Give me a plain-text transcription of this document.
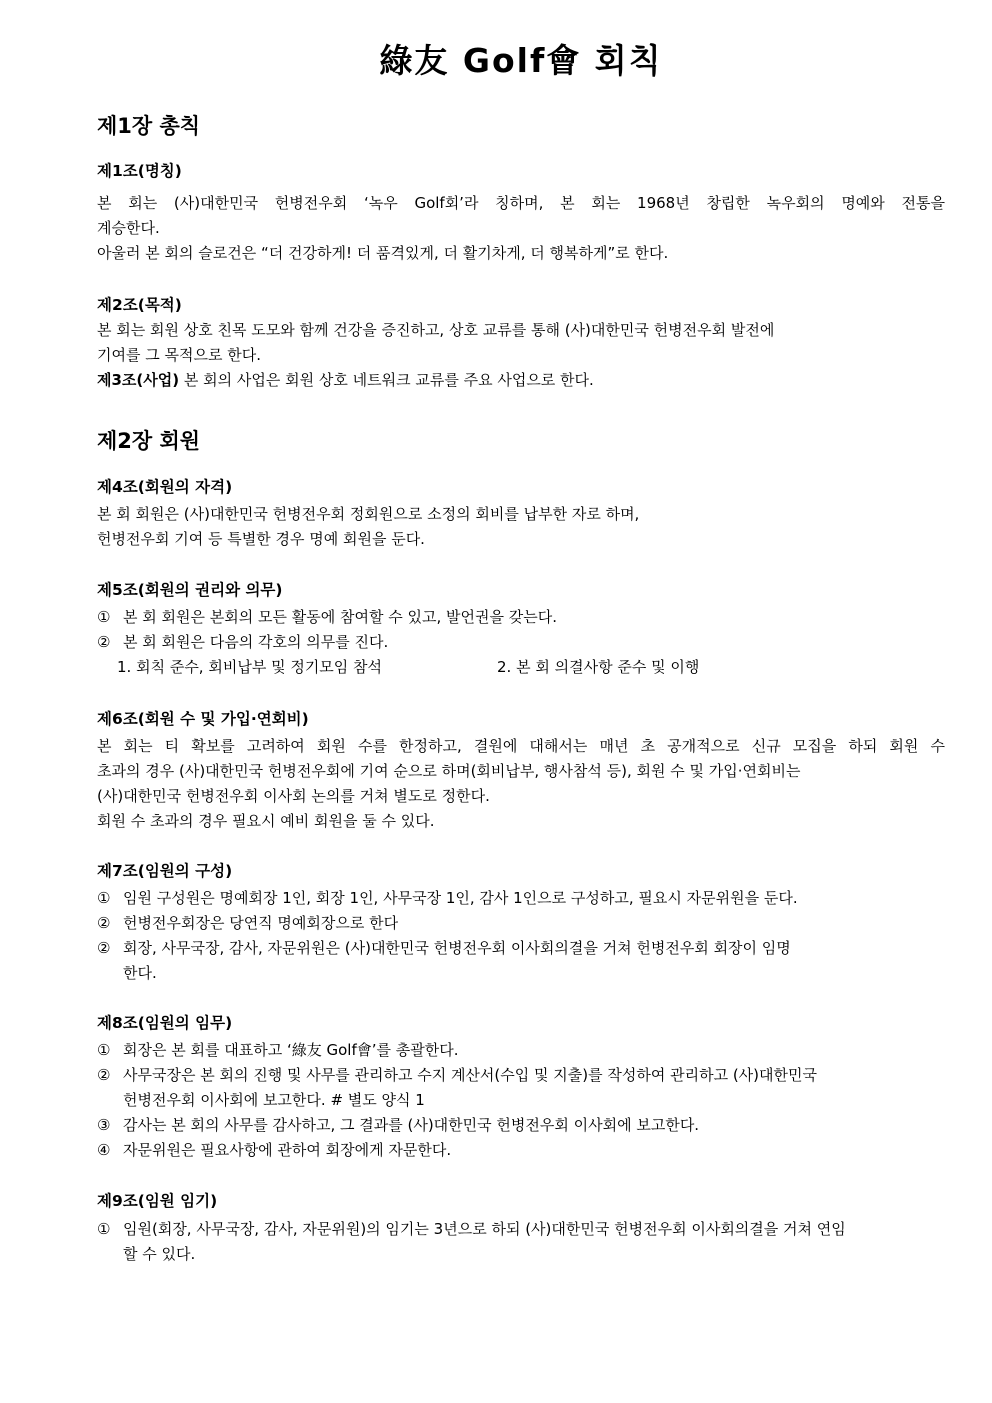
綠友 Golf會 회칙
제1장 총칙
제1조(명칭)
본 회는 (사)대한민국 헌병전우회 ‘녹우 Golf회’라 칭하며, 본 회는 1968년 창립한 녹우회의 명예와 전통을
계승한다.
아울러 본 회의 슬로건은 “더 건강하게! 더 품격있게, 더 활기차게, 더 행복하게”로 한다.
제2조(목적)
본 회는 회원 상호 친목 도모와 함께 건강을 증진하고, 상호 교류를 통해 (사)대한민국 헌병전우회 발전에
기여를 그 목적으로 한다.
제3조(사업) 본 회의 사업은 회원 상호 네트워크 교류를 주요 사업으로 한다.
제2장 회원
제4조(회원의 자격)
본 회 회원은 (사)대한민국 헌병전우회 정회원으로 소정의 회비를 납부한 자로 하며,
헌병전우회 기여 등 특별한 경우 명예 회원을 둔다.
제5조(회원의 권리와 의무)
① 본 회 회원은 본회의 모든 활동에 참여할 수 있고, 발언권을 갖는다.
② 본 회 회원은 다음의 각호의 의무를 진다.
1. 회칙 준수, 회비납부 및 정기모임 참석	2. 본 회 의결사항 준수 및 이행
제6조(회원 수 및 가입·연회비)
본 회는 티 확보를 고려하여 회원 수를 한정하고, 결원에 대해서는 매년 초 공개적으로 신규 모집을 하되 회원 수
초과의 경우 (사)대한민국 헌병전우회에 기여 순으로 하며(회비납부, 행사참석 등), 회원 수 및 가입·연회비는
(사)대한민국 헌병전우회 이사회 논의를 거쳐 별도로 정한다.
회원 수 초과의 경우 필요시 예비 회원을 둘 수 있다.
제7조(임원의 구성)
① 임원 구성원은 명예회장 1인, 회장 1인, 사무국장 1인, 감사 1인으로 구성하고, 필요시 자문위원을 둔다.
② 헌병전우회장은 당연직 명예회장으로 한다
② 회장, 사무국장, 감사, 자문위원은 (사)대한민국 헌병전우회 이사회의결을 거쳐 헌병전우회 회장이 임명
한다.
제8조(임원의 임무)
① 회장은 본 회를 대표하고 ‘綠友 Golf會’를 총괄한다.
② 사무국장은 본 회의 진행 및 사무를 관리하고 수지 계산서(수입 및 지출)를 작성하여 관리하고 (사)대한민국
헌병전우회 이사회에 보고한다. # 별도 양식 1
③ 감사는 본 회의 사무를 감사하고, 그 결과를 (사)대한민국 헌병전우회 이사회에 보고한다.
④ 자문위원은 필요사항에 관하여 회장에게 자문한다.
제9조(임원 임기)
① 임원(회장, 사무국장, 감사, 자문위원)의 임기는 3년으로 하되 (사)대한민국 헌병전우회 이사회의결을 거쳐 연임
할 수 있다.
